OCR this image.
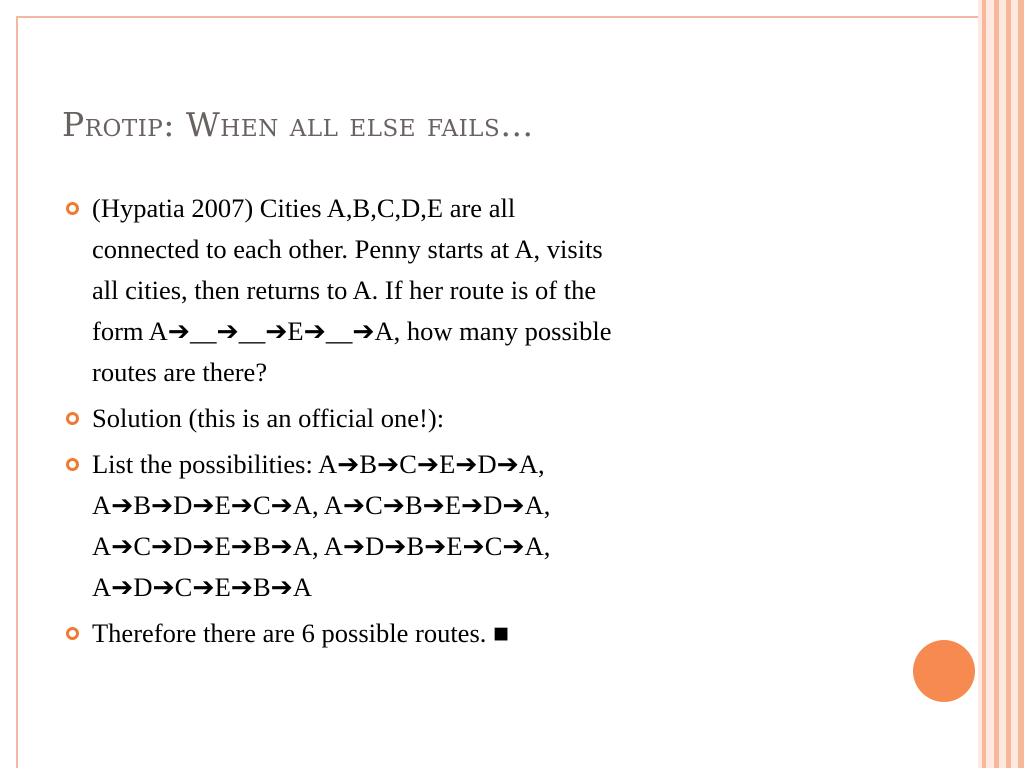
Protip: When all else fails…
(Hypatia 2007) Cities A,B,C,D,E are all
connected to each other. Penny starts at A, visits
all cities, then returns to A. If her route is of the
form A➔__➔__➔E➔__➔A, how many possible
routes are there?
Solution (this is an official one!):
List the possibilities: A➔B➔C➔E➔D➔A,
A➔B➔D➔E➔C➔A, A➔C➔B➔E➔D➔A,
A➔C➔D➔E➔B➔A, A➔D➔B➔E➔C➔A,
A➔D➔C➔E➔B➔A
Therefore there are 6 possible routes. ■
